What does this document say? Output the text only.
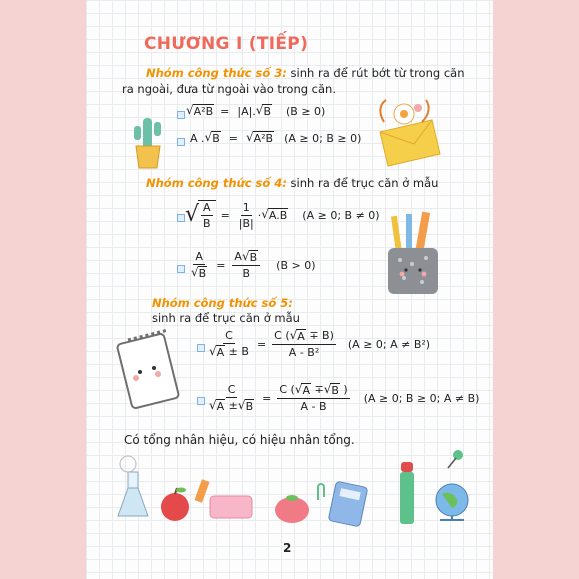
CHƯƠNG I (TIẾP)
Nhóm công thức số 3: sinh ra để rút bớt từ trong căn
ra ngoài, đưa từ ngoài vào trong căn.
√ A²B = |A|. √ B (B ≥ 0)
A . √ B = √ A²B (A ≥ 0; B ≥ 0)
Nhóm công thức số 4: sinh ra để trục căn ở mẫu
√ $\frac{A}{B} = \frac{1}{|B|}$ · √ A.B (A ≥ 0; B ≠ 0)
$\frac{A}{√ B} = \frac{A √ B}{B} (B > 0)$
Nhóm công thức số 5:
sinh ra để trục căn ở mẫu
$\frac{C}{√ A \pm B} = \frac{C ( √ A \mp B)}{\text{A - B²}} (A \ge 0$; A ≠ B²)
$\frac{C}{√ A \pm √ B} = \frac{C ( √ A \mp √ B )}{A - B} (A \ge 0$; B ≥ 0; A ≠ B)
Có tổng nhân hiệu, có hiệu nhân tổng.
2
